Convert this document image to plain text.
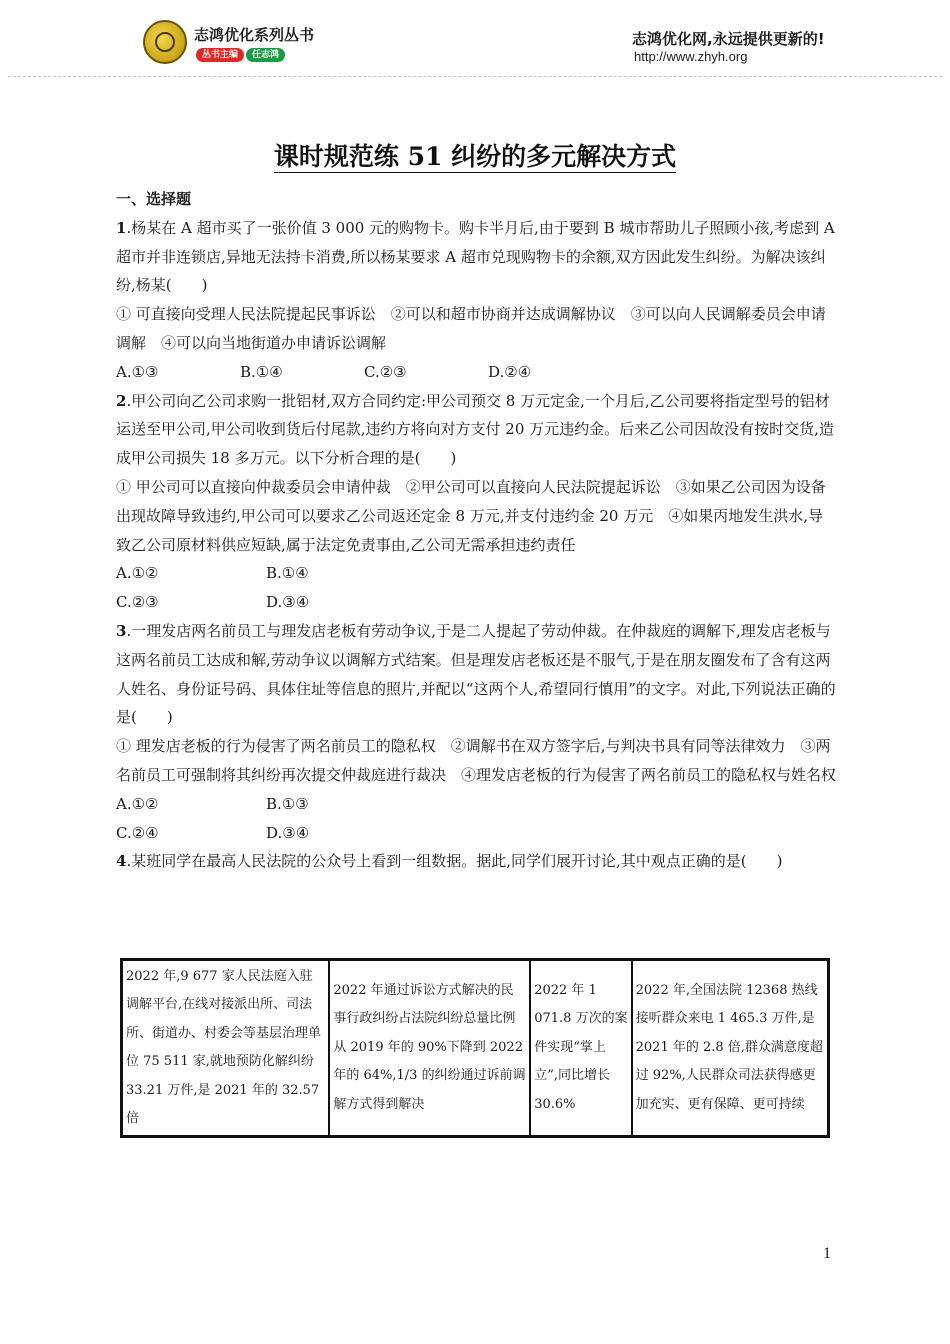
志鸿优化系列丛书
丛书主编	任志鸿
志鸿优化网,永远提供更新的!
http://www.zhyh.org
课时规范练 51 纠纷的多元解决方式

一、选择题

1.杨某在 A 超市买了一张价值 3 000 元的购物卡。购卡半月后,由于要到 B 城市帮助儿子照顾小孩,考虑到 A 超市并非连锁店,异地无法持卡消费,所以杨某要求 A 超市兑现购物卡的余额,双方因此发生纠纷。为解决该纠纷,杨某(　　)

① 可直接向受理人民法院提起民事诉讼　②可以和超市协商并达成调解协议　③可以向人民调解委员会申请调解　④可以向当地街道办申请诉讼调解

A.①③	B.①④	C.②③	D.②④

2.甲公司向乙公司求购一批铝材,双方合同约定:甲公司预交 8 万元定金,一个月后,乙公司要将指定型号的铝材运送至甲公司,甲公司收到货后付尾款,违约方将向对方支付 20 万元违约金。后来乙公司因故没有按时交货,造成甲公司损失 18 多万元。以下分析合理的是(　　)

① 甲公司可以直接向仲裁委员会申请仲裁　②甲公司可以直接向人民法院提起诉讼　③如果乙公司因为设备出现故障导致违约,甲公司可以要求乙公司返还定金 8 万元,并支付违约金 20 万元　④如果丙地发生洪水,导致乙公司原材料供应短缺,属于法定免责事由,乙公司无需承担违约责任

A.①②	B.①④
C.②③	D.③④

3.一理发店两名前员工与理发店老板有劳动争议,于是二人提起了劳动仲裁。在仲裁庭的调解下,理发店老板与这两名前员工达成和解,劳动争议以调解方式结案。但是理发店老板还是不服气,于是在朋友圈发布了含有这两人姓名、身份证号码、具体住址等信息的照片,并配以“这两个人,希望同行慎用”的文字。对此,下列说法正确的是(　　)

① 理发店老板的行为侵害了两名前员工的隐私权　②调解书在双方签字后,与判决书具有同等法律效力　③两名前员工可强制将其纠纷再次提交仲裁庭进行裁决　④理发店老板的行为侵害了两名前员工的隐私权与姓名权

A.①②	B.①③
C.②④	D.③④

4.某班同学在最高人民法院的公众号上看到一组数据。据此,同学们展开讨论,其中观点正确的是(　　)

2022 年,9 677 家人民法庭入驻调解平台,在线对接派出所、司法所、街道办、村委会等基层治理单位 75 511 家,就地预防化解纠纷 33.21 万件,是 2021 年的 32.57 倍	2022 年通过诉讼方式解决的民事行政纠纷占法院纠纷总量比例从 2019 年的 90%下降到 2022 年的 64%,1/3 的纠纷通过诉前调解方式得到解决	2022 年 1 071.8 万次的案件实现“掌上立”,同比增长 30.6%	2022 年,全国法院 12368 热线接听群众来电 1 465.3 万件,是 2021 年的 2.8 倍,群众满意度超过 92%,人民群众司法获得感更加充实、更有保障、更可持续
1
